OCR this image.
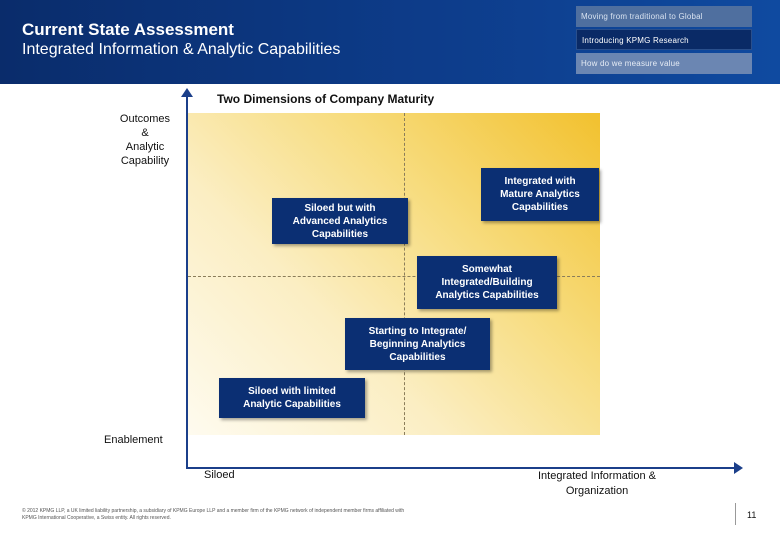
Current State Assessment
Integrated Information & Analytic Capabilities
Moving from traditional to Global
Introducing KPMG Research
How do we measure value
Two Dimensions of Company Maturity
Outcomes
&
Analytic
Capability
Siloed with limited
Analytic Capabilities
Starting to Integrate/
Beginning Analytics
Capabilities
Somewhat
Integrated/Building
Analytics Capabilities
Siloed but with
Advanced Analytics
Capabilities
Integrated with
Mature Analytics
Capabilities
Enablement
Siloed	Integrated Information &
Organization
© 2012 KPMG LLP, a UK limited liability partnership, a subsidiary of KPMG Europe LLP and a member firm of the KPMG network of independent member firms affiliated with
KPMG International Cooperative, a Swiss entity. All rights reserved.	11
